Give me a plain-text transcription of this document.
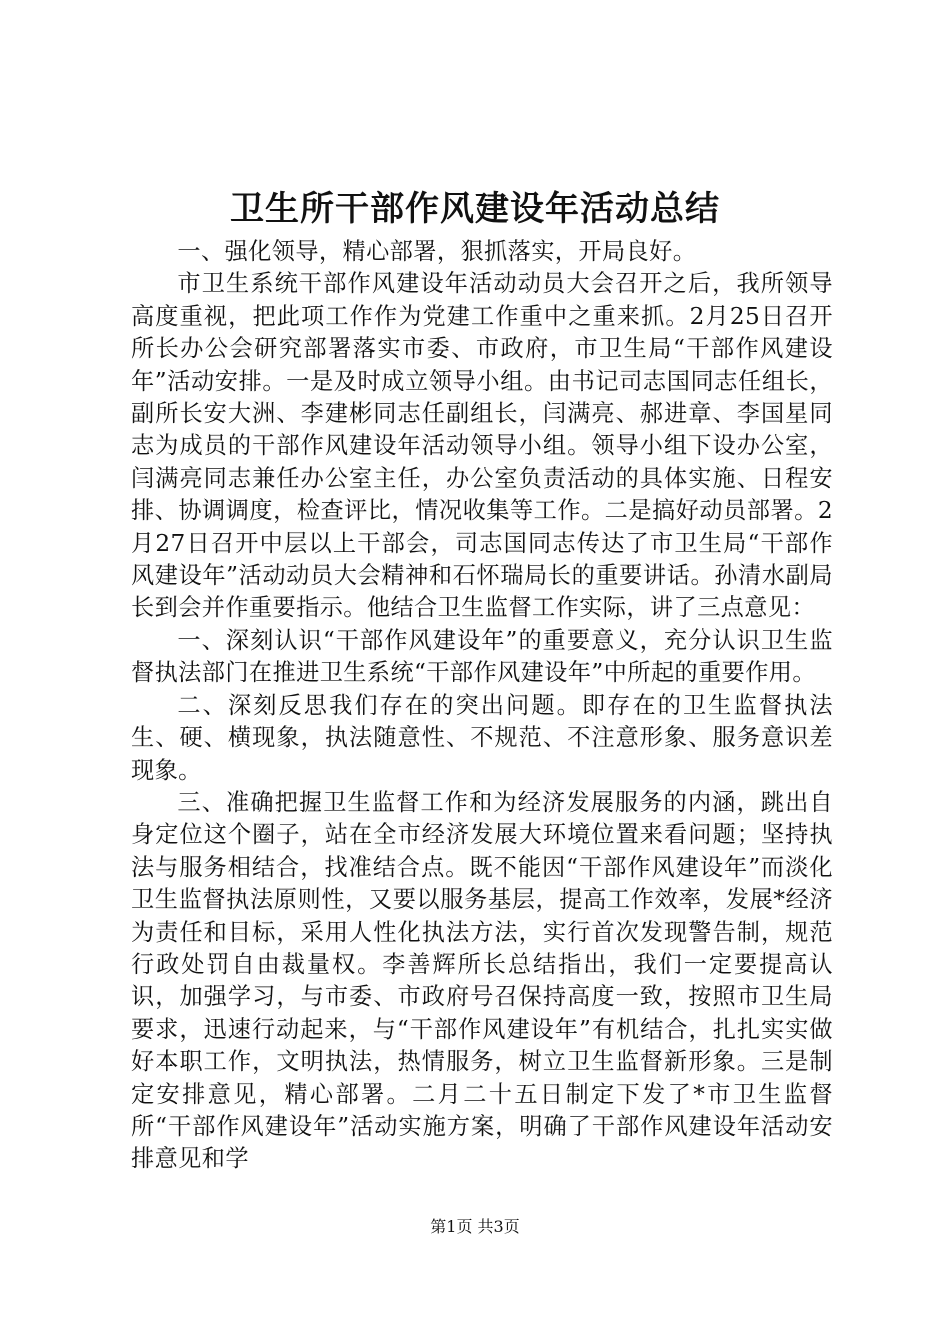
卫生所干部作风建设年活动总结

一、强化领导，精心部署，狠抓落实，开局良好。

市卫生系统干部作风建设年活动动员大会召开之后，我所领导高度重视，把此项工作作为党建工作重中之重来抓。2月25日召开所长办公会研究部署落实市委、市政府，市卫生局“干部作风建设年”活动安排。一是及时成立领导小组。由书记司志国同志任组长，副所长安大洲、李建彬同志任副组长，闫满亮、郝进章、李国星同志为成员的干部作风建设年活动领导小组。领导小组下设办公室，闫满亮同志兼任办公室主任，办公室负责活动的具体实施、日程安排、协调调度，检查评比，情况收集等工作。二是搞好动员部署。2月27日召开中层以上干部会，司志国同志传达了市卫生局“干部作风建设年”活动动员大会精神和石怀瑞局长的重要讲话。孙清水副局长到会并作重要指示。他结合卫生监督工作实际，讲了三点意见：

一、深刻认识“干部作风建设年”的重要意义，充分认识卫生监督执法部门在推进卫生系统“干部作风建设年”中所起的重要作用。

二、深刻反思我们存在的突出问题。即存在的卫生监督执法生、硬、横现象，执法随意性、不规范、不注意形象、服务意识差现象。

三、准确把握卫生监督工作和为经济发展服务的内涵，跳出自身定位这个圈子，站在全市经济发展大环境位置来看问题；坚持执法与服务相结合，找准结合点。既不能因“干部作风建设年”而淡化卫生监督执法原则性，又要以服务基层，提高工作效率，发展*经济为责任和目标，采用人性化执法方法，实行首次发现警告制，规范行政处罚自由裁量权。李善辉所长总结指出，我们一定要提高认识，加强学习，与市委、市政府号召保持高度一致，按照市卫生局要求，迅速行动起来，与“干部作风建设年”有机结合，扎扎实实做好本职工作，文明执法，热情服务，树立卫生监督新形象。三是制定安排意见，精心部署。二月二十五日制定下发了*市卫生监督所“干部作风建设年”活动实施方案，明确了干部作风建设年活动安排意见和学

第1页 共3页
